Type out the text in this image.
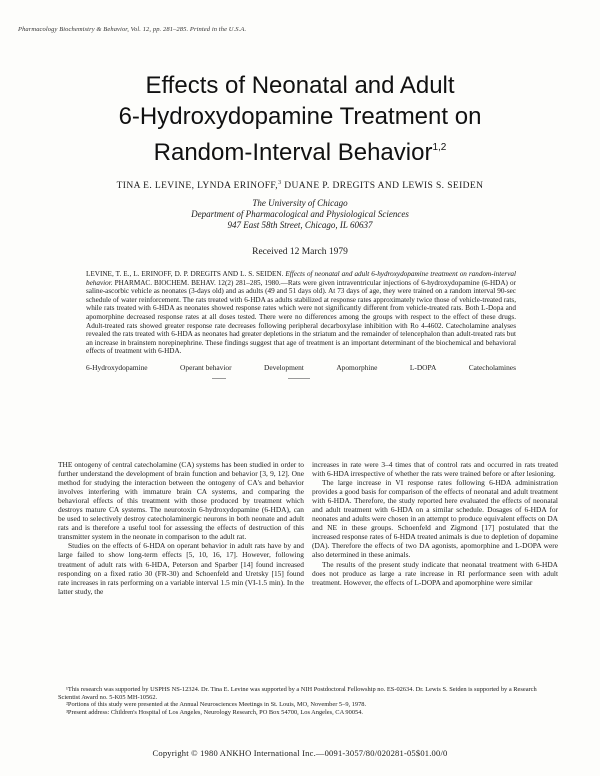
Pharmacology Biochemistry & Behavior, Vol. 12, pp. 281–285. Printed in the U.S.A.
Effects of Neonatal and Adult
6-Hydroxydopamine Treatment on
Random-Interval Behavior$^{1,2}$
TINA E. LEVINE, LYNDA ERINOFF,$^3$ DUANE P. DREGITS AND LEWIS S. SEIDEN
The University of Chicago
Department of Pharmacological and Physiological Sciences
947 East 58th Street, Chicago, IL 60637
Received 12 March 1979
LEVINE, T. E., L. ERINOFF, D. P. DREGITS AND L. S. SEIDEN. Effects of neonatal and adult 6-hydroxydopamine treatment on random-interval behavior. PHARMAC. BIOCHEM. BEHAV. 12(2) 281–285, 1980.—Rats were given intraventricular injections of 6-hydroxydopamine (6-HDA) or saline-ascorbic vehicle as neonates (3-days old) and as adults (49 and 51 days old). At 73 days of age, they were trained on a random interval 90-sec schedule of water reinforcement. The rats treated with 6-HDA as adults stabilized at response rates approximately twice those of vehicle-treated rats, while rats treated with 6-HDA as neonates showed response rates which were not significantly different from vehicle-treated rats. Both L-Dopa and apomorphine decreased response rates at all doses tested. There were no differences among the groups with respect to the effect of these drugs. Adult-treated rats showed greater response rate decreases following peripheral decarboxylase inhibition with Ro 4-4602. Catecholamine analyses revealed the rats treated with 6-HDA as neonates had greater depletions in the striatum and the remainder of telencephalon than adult-treated rats but an increase in brainstem norepinephrine. These findings suggest that age of treatment is an important determinant of the biochemical and behavioral effects of treatment with 6-HDA.
6-Hydroxydopamine	Operant behavior	Development	Apomorphine	L-DOPA	Catecholamines

THE ontogeny of central catecholamine (CA) systems has been studied in order to further understand the development of brain function and behavior [3, 9, 12]. One method for studying the interaction between the ontogeny of CA's and behavior involves interfering with immature brain CA systems, and comparing the behavioral effects of this treatment with those produced by treatment which destroys mature CA systems. The neurotoxin 6-hydroxydopamine (6-HDA), can be used to selectively destroy catecholaminergic neurons in both neonate and adult rats and is therefore a useful tool for assessing the effects of destruction of this transmitter system in the neonate in comparison to the adult rat.

Studies on the effects of 6-HDA on operant behavior in adult rats have by and large failed to show long-term effects [5, 10, 16, 17]. However, following treatment of adult rats with 6-HDA, Peterson and Sparber [14] found increased responding on a fixed ratio 30 (FR-30) and Schoenfeld and Uretsky [15] found rate increases in rats performing on a variable interval 1.5 min (VI-1.5 min). In the latter study, the

increases in rate were 3–4 times that of control rats and occurred in rats treated with 6-HDA irrespective of whether the rats were trained before or after lesioning.

The large increase in VI response rates following 6-HDA administration provides a good basis for comparison of the effects of neonatal and adult treatment with 6-HDA. Therefore, the study reported here evaluated the effects of neonatal and adult treatment with 6-HDA on a similar schedule. Dosages of 6-HDA for neonates and adults were chosen in an attempt to produce equivalent effects on DA and NE in these groups. Schoenfeld and Zigmond [17] postulated that the increased response rates of 6-HDA treated animals is due to depletion of dopamine (DA). Therefore the effects of two DA agonists, apomorphine and L-DOPA were also determined in these animals.

The results of the present study indicate that neonatal treatment with 6-HDA does not produce as large a rate increase in RI performance seen with adult treatment. However, the effects of L-DOPA and apomorphine were similar

¹This research was supported by USPHS NS-12324. Dr. Tina E. Levine was supported by a NIH Postdoctoral Fellowship no. ES-02634. Dr. Lewis S. Seiden is supported by a Research Scientist Award no. 5-K05 MH-10562.

²Portions of this study were presented at the Annual Neurosciences Meetings in St. Louis, MO, November 5–9, 1978.

³Present address: Children's Hospital of Los Angeles, Neurology Research, PO Box 54700, Los Angeles, CA 90054.

Copyright © 1980 ANKHO International Inc.—0091-3057/80/020281-05$01.00/0
